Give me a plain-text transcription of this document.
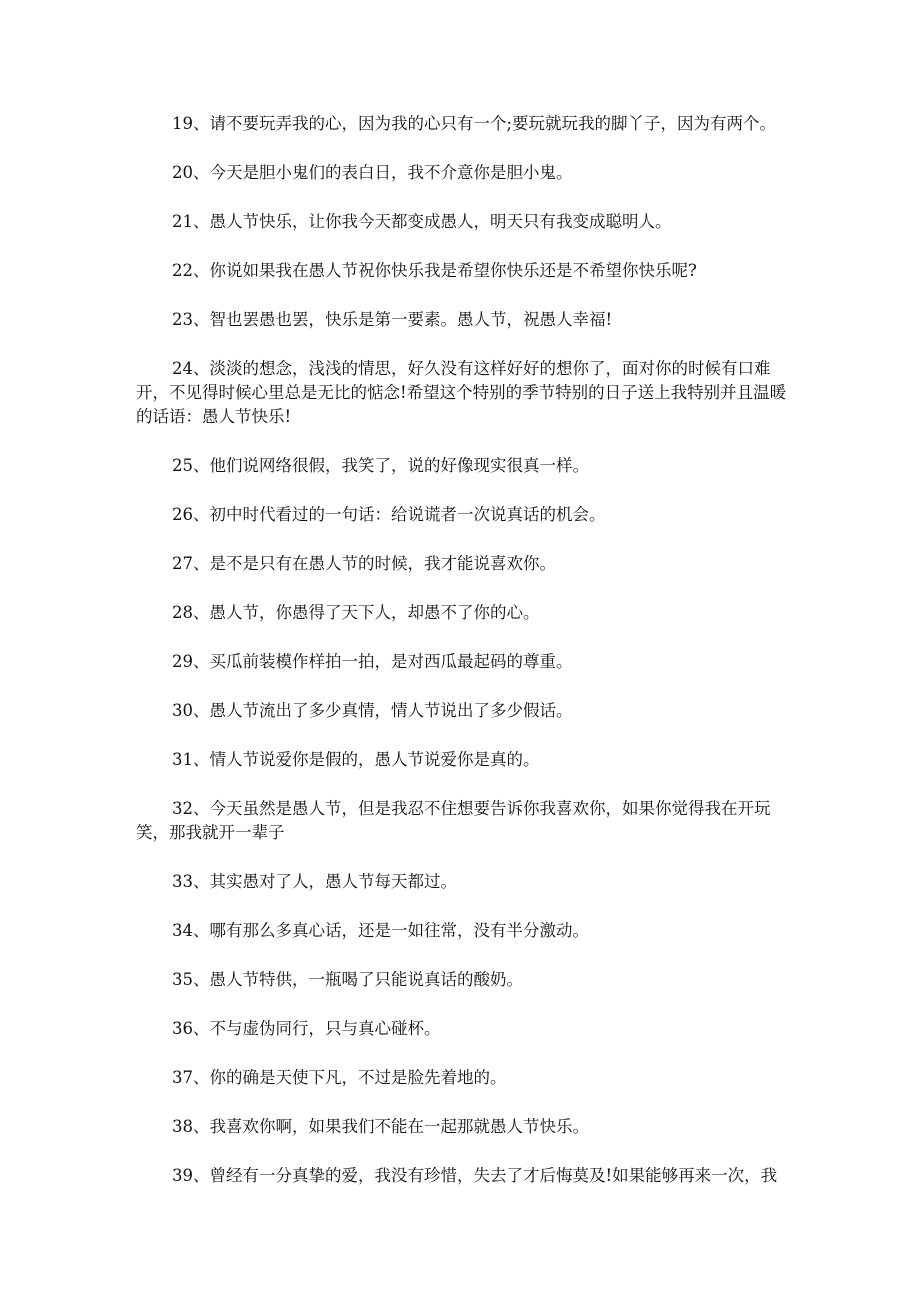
19、请不要玩弄我的心，因为我的心只有一个;要玩就玩我的脚丫子，因为有两个。

20、今天是胆小鬼们的表白日，我不介意你是胆小鬼。

21、愚人节快乐，让你我今天都变成愚人，明天只有我变成聪明人。

22、你说如果我在愚人节祝你快乐我是希望你快乐还是不希望你快乐呢?

23、智也罢愚也罢，快乐是第一要素。愚人节，祝愚人幸福!

24、淡淡的想念，浅浅的情思，好久没有这样好好的想你了，面对你的时候有口难开，不见得时候心里总是无比的惦念!希望这个特别的季节特别的日子送上我特别并且温暖的话语：愚人节快乐!

25、他们说网络很假，我笑了，说的好像现实很真一样。

26、初中时代看过的一句话：给说谎者一次说真话的机会。

27、是不是只有在愚人节的时候，我才能说喜欢你。

28、愚人节，你愚得了天下人，却愚不了你的心。

29、买瓜前装模作样拍一拍，是对西瓜最起码的尊重。

30、愚人节流出了多少真情，情人节说出了多少假话。

31、情人节说爱你是假的，愚人节说爱你是真的。

32、今天虽然是愚人节，但是我忍不住想要告诉你我喜欢你，如果你觉得我在开玩笑，那我就开一辈子

33、其实愚对了人，愚人节每天都过。

34、哪有那么多真心话，还是一如往常，没有半分激动。

35、愚人节特供，一瓶喝了只能说真话的酸奶。

36、不与虚伪同行，只与真心碰杯。

37、你的确是天使下凡，不过是脸先着地的。

38、我喜欢你啊，如果我们不能在一起那就愚人节快乐。

39、曾经有一分真挚的爱，我没有珍惜，失去了才后悔莫及!如果能够再来一次，我
